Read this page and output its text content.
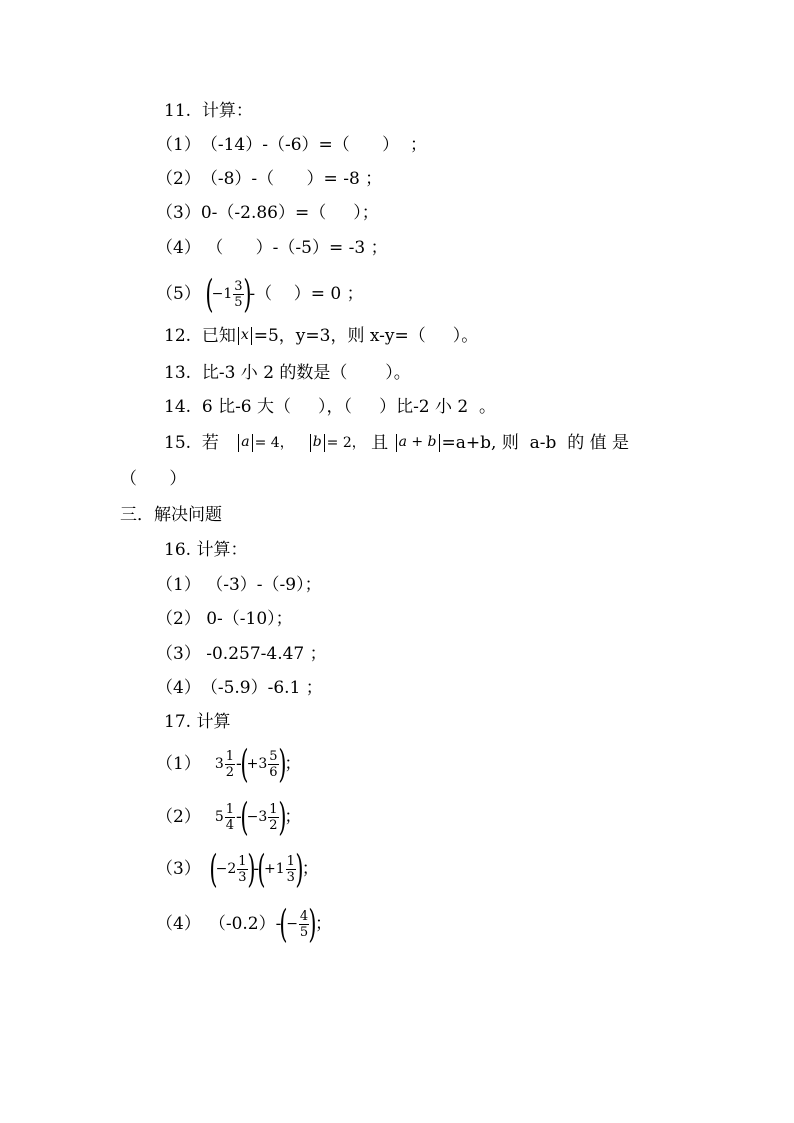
11.  计算：
（1） （-14）-（-6）=（      ）  ；
（2） （-8）-（      ）= -8 ；
（3） 0-（-2.86）=（     ）；
（4） （      ）-（-5）= -3 ；
（5） (
$-1 \frac{3}{5}$ )
-（    ）= 0 ；
12.  已知 x =5，y=3，则 x-y=（     ）。
13.  比-3 小 2 的数是（       ）。
14.  6 比-6 大（     ），（     ）比-2 小 2  。
15.  若 a = 4， b = 2， 且 a + b =a+b, 则  a-b  的 值 是
（      ）
三．解决问题
16. 计算：
（1） （-3）-（-9）；
（2） 0-（-10）；
（3） -0.257-4.47 ；
（4） （-5.9）-6.1 ；
17. 计算
（1） $3 \frac{1}{2}$ -
(
$+3 \frac{5}{6}$ )
；
（2） $5 \frac{1}{4}$ -
(
$-3 \frac{1}{2}$ )
；
（3） (
$-2 \frac{1}{3}$ )
-
(
$+1 \frac{1}{3}$ )
；
（4） （-0.2）-
(
− $\frac{4}{5}$ )
；
